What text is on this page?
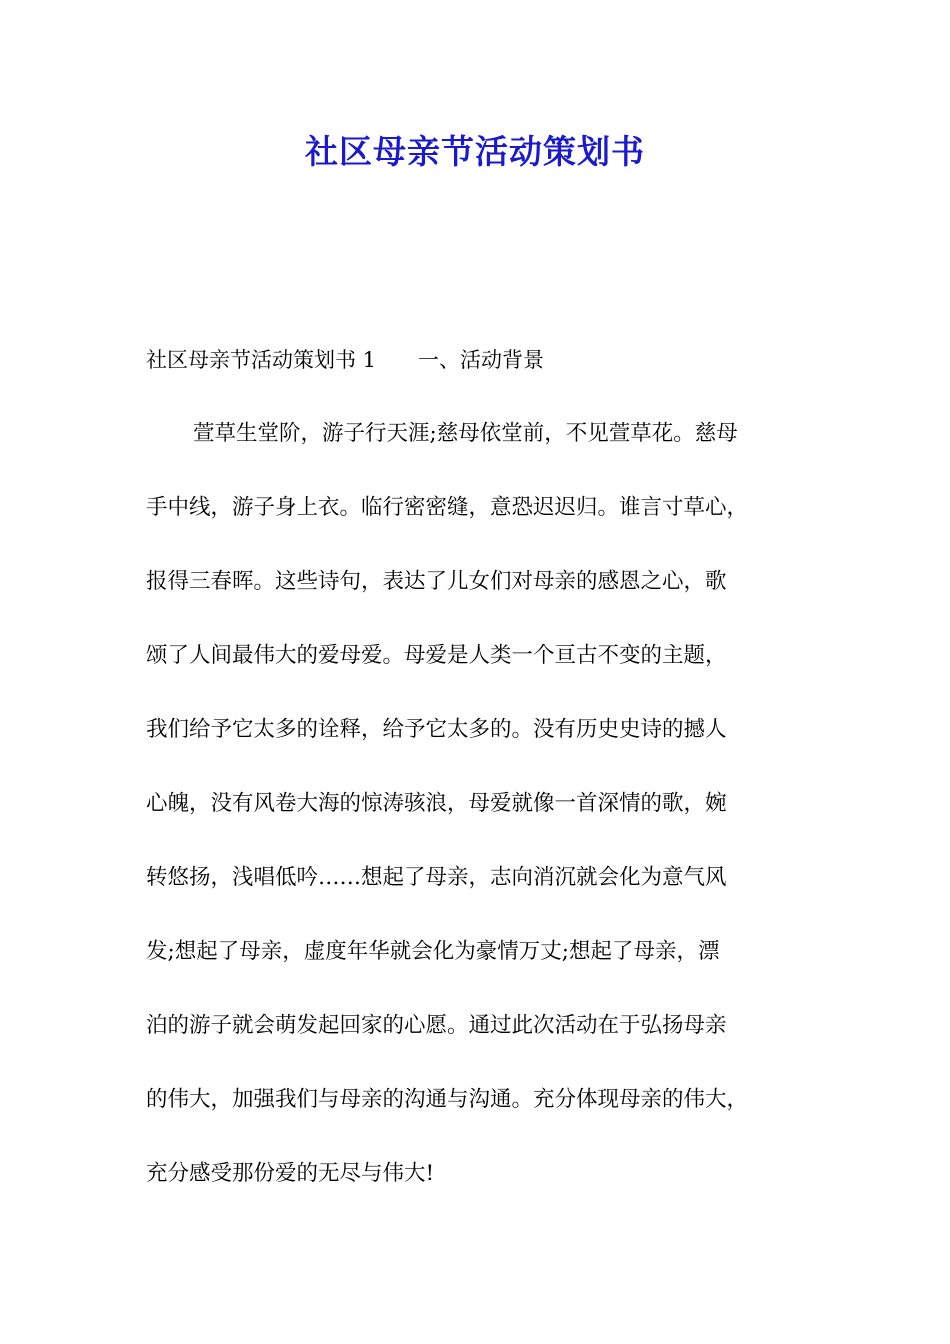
社区母亲节活动策划书
社区母亲节活动策划书 1 一、活动背景
萱草生堂阶，游子行天涯;慈母依堂前，不见萱草花。慈母
手中线，游子身上衣。临行密密缝，意恐迟迟归。谁言寸草心，
报得三春晖。这些诗句，表达了儿女们对母亲的感恩之心，歌
颂了人间最伟大的爱母爱。母爱是人类一个亘古不变的主题，
我们给予它太多的诠释，给予它太多的。没有历史史诗的撼人
心魄，没有风卷大海的惊涛骇浪，母爱就像一首深情的歌，婉
转悠扬，浅唱低吟……想起了母亲，志向消沉就会化为意气风
发;想起了母亲，虚度年华就会化为豪情万丈;想起了母亲，漂
泊的游子就会萌发起回家的心愿。通过此次活动在于弘扬母亲
的伟大，加强我们与母亲的沟通与沟通。充分体现母亲的伟大，
充分感受那份爱的无尽与伟大!
